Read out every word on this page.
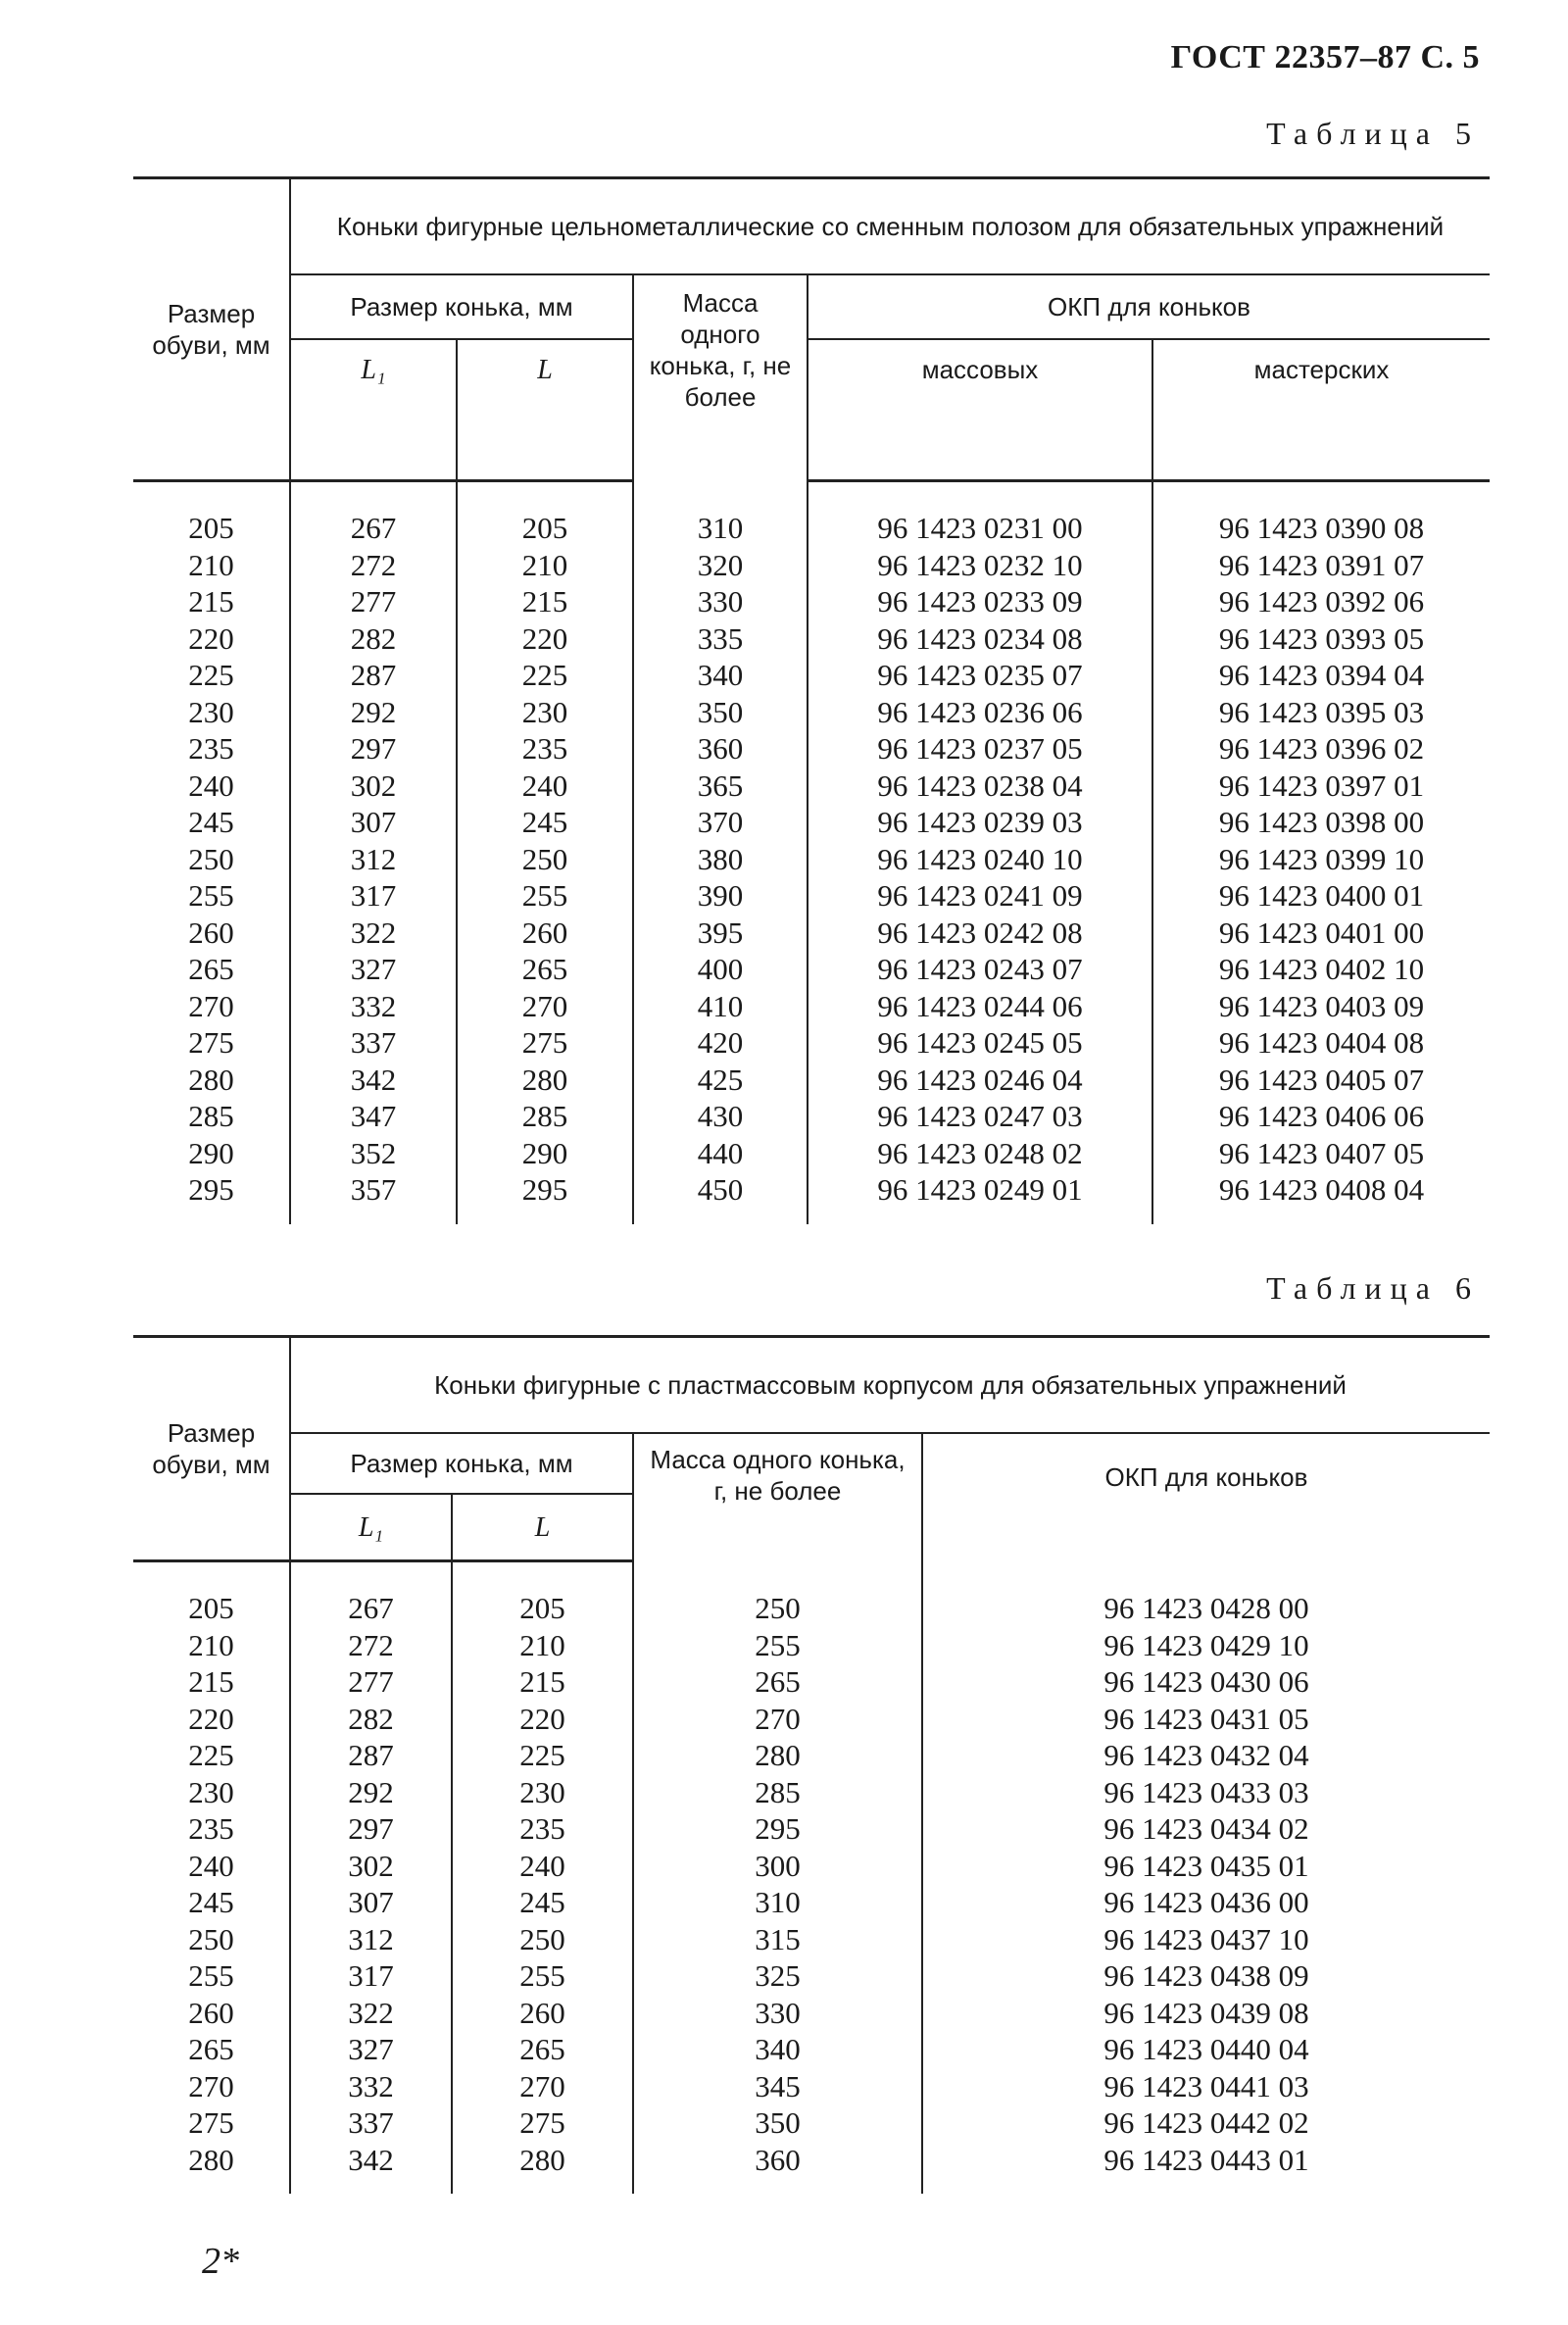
ГОСТ 22357–87 С. 5
Таблица 5
Размер обуви, мм	Коньки фигурные цельнометаллические со сменным полозом для обязательных упражнений				
	Размер конька, мм		Масса одного конька, г, не более	ОКП для коньков	
	L₁	L		массовых	мастерских

205	267	205	310	96 1423 0231 00	96 1423 0390 08
210	272	210	320	96 1423 0232 10	96 1423 0391 07
215	277	215	330	96 1423 0233 09	96 1423 0392 06
220	282	220	335	96 1423 0234 08	96 1423 0393 05
225	287	225	340	96 1423 0235 07	96 1423 0394 04
230	292	230	350	96 1423 0236 06	96 1423 0395 03
235	297	235	360	96 1423 0237 05	96 1423 0396 02
240	302	240	365	96 1423 0238 04	96 1423 0397 01
245	307	245	370	96 1423 0239 03	96 1423 0398 00
250	312	250	380	96 1423 0240 10	96 1423 0399 10
255	317	255	390	96 1423 0241 09	96 1423 0400 01
260	322	260	395	96 1423 0242 08	96 1423 0401 00
265	327	265	400	96 1423 0243 07	96 1423 0402 10
270	332	270	410	96 1423 0244 06	96 1423 0403 09
275	337	275	420	96 1423 0245 05	96 1423 0404 08
280	342	280	425	96 1423 0246 04	96 1423 0405 07
285	347	285	430	96 1423 0247 03	96 1423 0406 06
290	352	290	440	96 1423 0248 02	96 1423 0407 05
295	357	295	450	96 1423 0249 01	96 1423 0408 04

Таблица 6
Размер обуви, мм	Коньки фигурные с пластмассовым корпусом для обязательных упражнений			
	Размер конька, мм		Масса одного конька, г, не более	ОКП для коньков
	L₁	L		

205	267	205	250	96 1423 0428 00
210	272	210	255	96 1423 0429 10
215	277	215	265	96 1423 0430 06
220	282	220	270	96 1423 0431 05
225	287	225	280	96 1423 0432 04
230	292	230	285	96 1423 0433 03
235	297	235	295	96 1423 0434 02
240	302	240	300	96 1423 0435 01
245	307	245	310	96 1423 0436 00
250	312	250	315	96 1423 0437 10
255	317	255	325	96 1423 0438 09
260	322	260	330	96 1423 0439 08
265	327	265	340	96 1423 0440 04
270	332	270	345	96 1423 0441 03
275	337	275	350	96 1423 0442 02
280	342	280	360	96 1423 0443 01

2*
